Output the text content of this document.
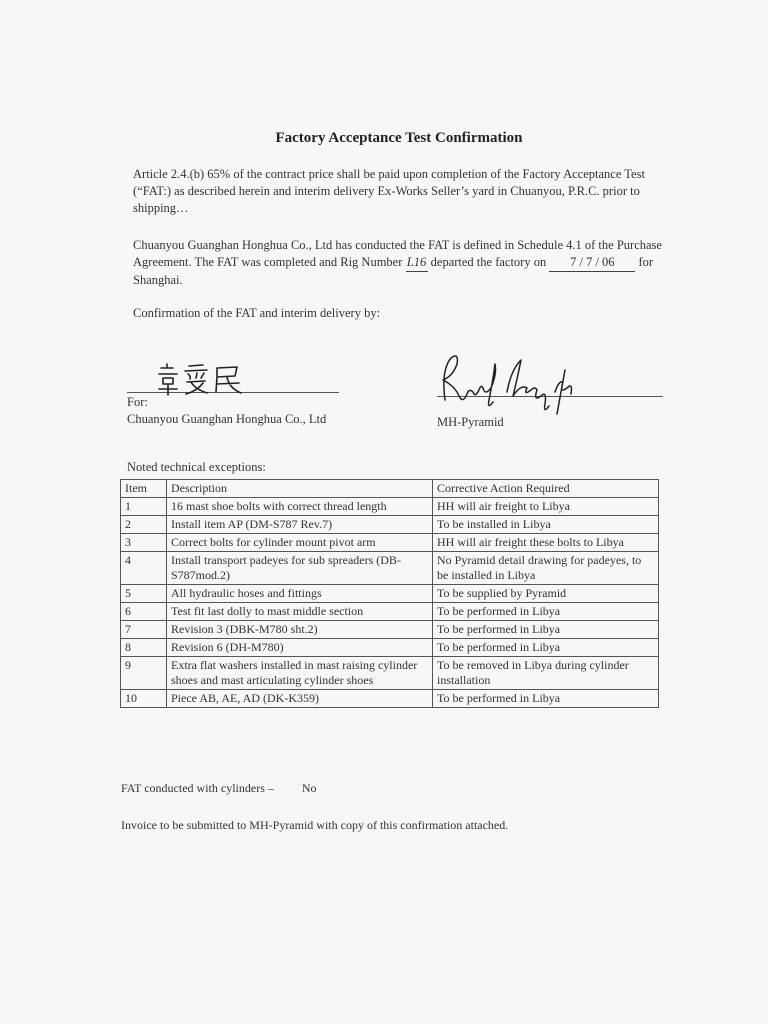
Factory Acceptance Test Confirmation
Article 2.4.(b) 65% of the contract price shall be paid upon completion of the Factory Acceptance Test (“FAT:) as described herein and interim delivery Ex-Works Seller’s yard in Chuanyou, P.R.C. prior to shipping…
Chuanyou Guanghan Honghua Co., Ltd has conducted the FAT is defined in Schedule 4.1 of the Purchase Agreement. The FAT was completed and Rig Number L16 departed the factory on 7 / 7 / 06 for Shanghai.
Confirmation of the FAT and interim delivery by:
For:
Chuanyou Guanghan Honghua Co., Ltd	MH-Pyramid
Noted technical exceptions:
Item	Description	Corrective Action Required
1	16 mast shoe bolts with correct thread length	HH will air freight to Libya
2	Install item AP (DM-S787 Rev.7)	To be installed in Libya
3	Correct bolts for cylinder mount pivot arm	HH will air freight these bolts to Libya
4	Install transport padeyes for sub spreaders (DB-S787mod.2)	No Pyramid detail drawing for padeyes, to be installed in Libya
5	All hydraulic hoses and fittings	To be supplied by Pyramid
6	Test fit last dolly to mast middle section	To be performed in Libya
7	Revision 3 (DBK-M780 sht.2)	To be performed in Libya
8	Revision 6 (DH-M780)	To be performed in Libya
9	Extra flat washers installed in mast raising cylinder shoes and mast articulating cylinder shoes	To be removed in Libya during cylinder installation
10	Piece AB, AE, AD (DK-K359)	To be performed in Libya
FAT conducted with cylinders – No
Invoice to be submitted to MH-Pyramid with copy of this confirmation attached.
